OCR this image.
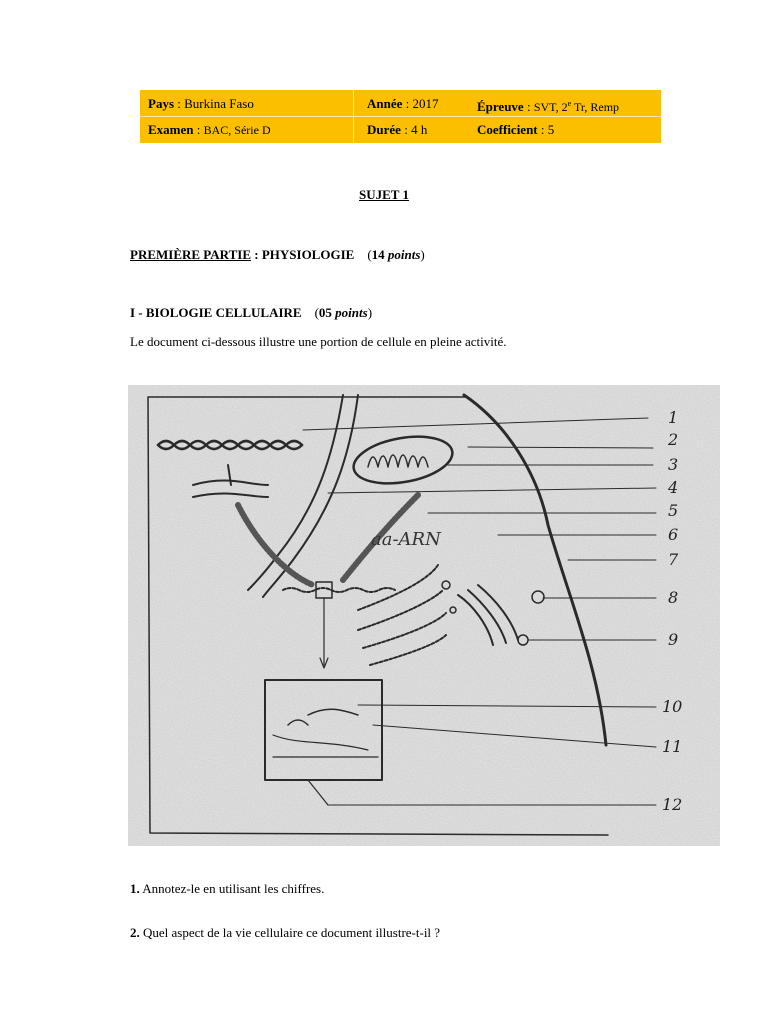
Pays : Burkina Faso	Année : 2017	Épreuve : SVT, 2e Tr, Remp
Examen : BAC, Série D	Durée : 4 h	Coefficient : 5
SUJET 1
PREMIÈRE PARTIE : PHYSIOLOGIE    (14 points)
I - BIOLOGIE CELLULAIRE    (05 points)
Le document ci-dessous illustre une portion de cellule en pleine activité.
aa-ARN
1
2
3
4
5
6
7
8
9
10
11
12
1. Annotez-le en utilisant les chiffres.
2. Quel aspect de la vie cellulaire ce document illustre-t-il ?
